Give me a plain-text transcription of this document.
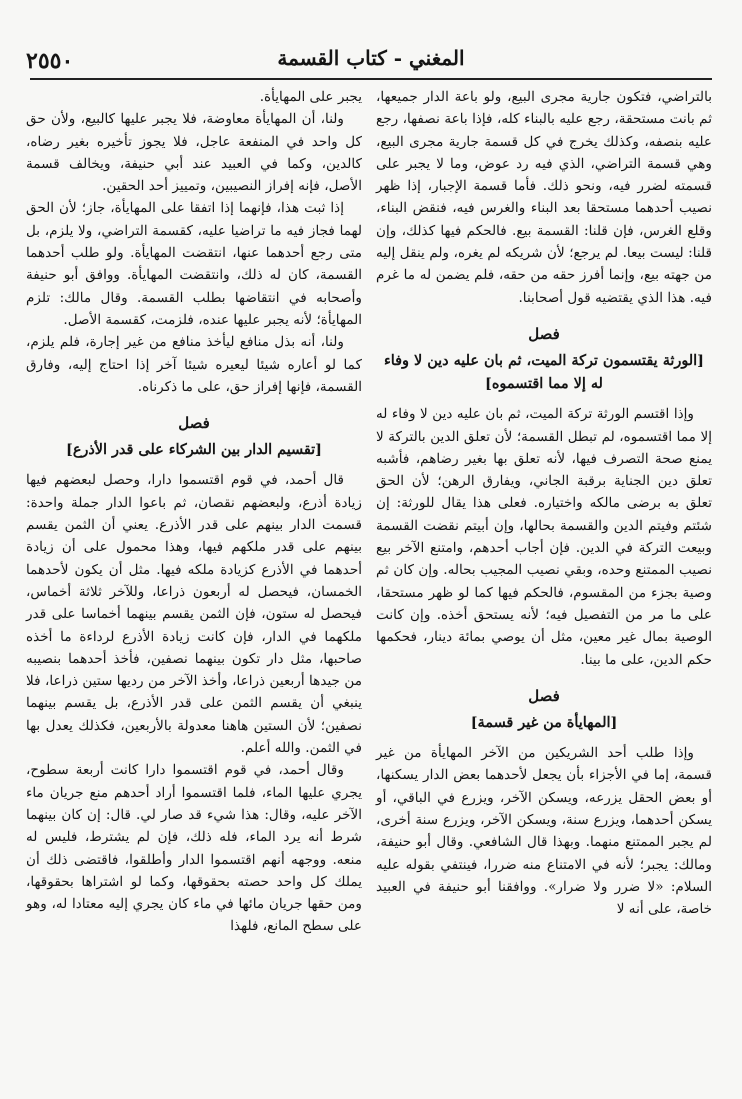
٢٥٥٠	المغني - كتاب القسمة

بالتراضي، فتكون جارية مجرى البيع، ولو باعة الدار جميعها، ثم بانت مستحقة، رجع عليه بالبناء كله، فإذا باعة نصفها، رجع عليه بنصفه، وكذلك يخرج في كل قسمة جارية مجرى البيع، وهي قسمة التراضي، الذي فيه رد عوض، وما لا يجبر على قسمته لضرر فيه، ونحو ذلك. فأما قسمة الإجبار، إذا ظهر نصيب أحدهما مستحقا بعد البناء والغرس فيه، فنقض البناء، وقلع الغرس، فإن قلنا: القسمة بيع. فالحكم فيها كذلك، وإن قلنا: ليست بيعا. لم يرجع؛ لأن شريكه لم يغره، ولم ينقل إليه من جهته بيع، وإنما أفرز حقه من حقه، فلم يضمن له ما غرم فيه. هذا الذي يقتضيه قول أصحابنا.

فصل
[الورثة يقتسمون تركة الميت، ثم بان عليه دين لا وفاء له إلا مما اقتسموه]

وإذا اقتسم الورثة تركة الميت، ثم بان عليه دين لا وفاء له إلا مما اقتسموه، لم تبطل القسمة؛ لأن تعلق الدين بالتركة لا يمنع صحة التصرف فيها، لأنه تعلق بها بغير رضاهم، فأشبه تعلق دين الجناية برقبة الجاني، ويفارق الرهن؛ لأن الحق تعلق به برضى مالكه واختياره. فعلى هذا يقال للورثة: إن شئتم وفيتم الدين والقسمة بحالها، وإن أبيتم نقضت القسمة وبيعت التركة في الدين. فإن أجاب أحدهم، وامتنع الآخر بيع نصيب الممتنع وحده، وبقي نصيب المجيب بحاله. وإن كان ثم وصية بجزء من المقسوم، فالحكم فيها كما لو ظهر مستحقا، على ما مر من التفصيل فيه؛ لأنه يستحق أخذه. وإن كانت الوصية بمال غير معين، مثل أن يوصي بمائة دينار، فحكمها حكم الدين، على ما بينا.

فصل
[المهايأة من غير قسمة]

وإذا طلب أحد الشريكين من الآخر المهايأة من غير قسمة، إما في الأجزاء بأن يجعل لأحدهما بعض الدار يسكنها، أو بعض الحقل يزرعه، ويسكن الآخر، ويزرع في الباقي، أو يسكن أحدهما، ويزرع سنة، ويسكن الآخر، ويزرع سنة أخرى، لم يجبر الممتنع منهما. وبهذا قال الشافعي. وقال أبو حنيفة، ومالك: يجبر؛ لأنه في الامتناع منه ضررا، فينتفي بقوله عليه السلام: «لا ضرر ولا ضرار». ووافقنا أبو حنيفة في العبيد خاصة، على أنه لا

يجبر على المهايأة.

ولنا، أن المهايأة معاوضة، فلا يجبر عليها كالبيع، ولأن حق كل واحد في المنفعة عاجل، فلا يجوز تأخيره بغير رضاه، كالدين، وكما في العبيد عند أبي حنيفة، ويخالف قسمة الأصل، فإنه إفراز النصيبين، وتمييز أحد الحقين.

إذا ثبت هذا، فإنهما إذا اتفقا على المهايأة، جاز؛ لأن الحق لهما فجاز فيه ما تراضيا عليه، كقسمة التراضي، ولا يلزم، بل متى رجع أحدهما عنها، انتقضت المهايأة. ولو طلب أحدهما القسمة، كان له ذلك، وانتقضت المهايأة. ووافق أبو حنيفة وأصحابه في انتقاضها بطلب القسمة. وقال مالك: تلزم المهايأة؛ لأنه يجبر عليها عنده، فلزمت، كقسمة الأصل.

ولنا، أنه بذل منافع ليأخذ منافع من غير إجارة، فلم يلزم، كما لو أعاره شيئا ليعيره شيئا آخر إذا احتاج إليه، وفارق القسمة، فإنها إفراز حق، على ما ذكرناه.

فصل
[تقسيم الدار بين الشركاء على قدر الأذرع]

قال أحمد، في قوم اقتسموا دارا، وحصل لبعضهم فيها زيادة أذرع، ولبعضهم نقصان، ثم باعوا الدار جملة واحدة: قسمت الدار بينهم على قدر الأذرع. يعني أن الثمن يقسم بينهم على قدر ملكهم فيها، وهذا محمول على أن زيادة أحدهما في الأذرع كزيادة ملكه فيها. مثل أن يكون لأحدهما الخمسان، فيحصل له أربعون ذراعا، وللآخر ثلاثة أخماس، فيحصل له ستون، فإن الثمن يقسم بينهما أخماسا على قدر ملكهما في الدار، فإن كانت زيادة الأذرع لرداءة ما أخذه صاحبها، مثل دار تكون بينهما نصفين، فأخذ أحدهما بنصيبه من جيدها أربعين ذراعا، وأخذ الآخر من رديها ستين ذراعا، فلا ينبغي أن يقسم الثمن على قدر الأذرع، بل يقسم بينهما نصفين؛ لأن الستين هاهنا معدولة بالأربعين، فكذلك يعدل بها في الثمن. والله أعلم.

وقال أحمد، في قوم اقتسموا دارا كانت أربعة سطوح، يجري عليها الماء، فلما اقتسموا أراد أحدهم منع جريان ماء الآخر عليه، وقال: هذا شيء قد صار لي. قال: إن كان بينهما شرط أنه يرد الماء، فله ذلك، فإن لم يشترط، فليس له منعه. ووجهه أنهم اقتسموا الدار وأطلقوا، فاقتضى ذلك أن يملك كل واحد حصته بحقوقها، وكما لو اشتراها بحقوقها، ومن حقها جريان مائها في ماء كان يجري إليه معتادا له، وهو على سطح المانع، فلهذا
